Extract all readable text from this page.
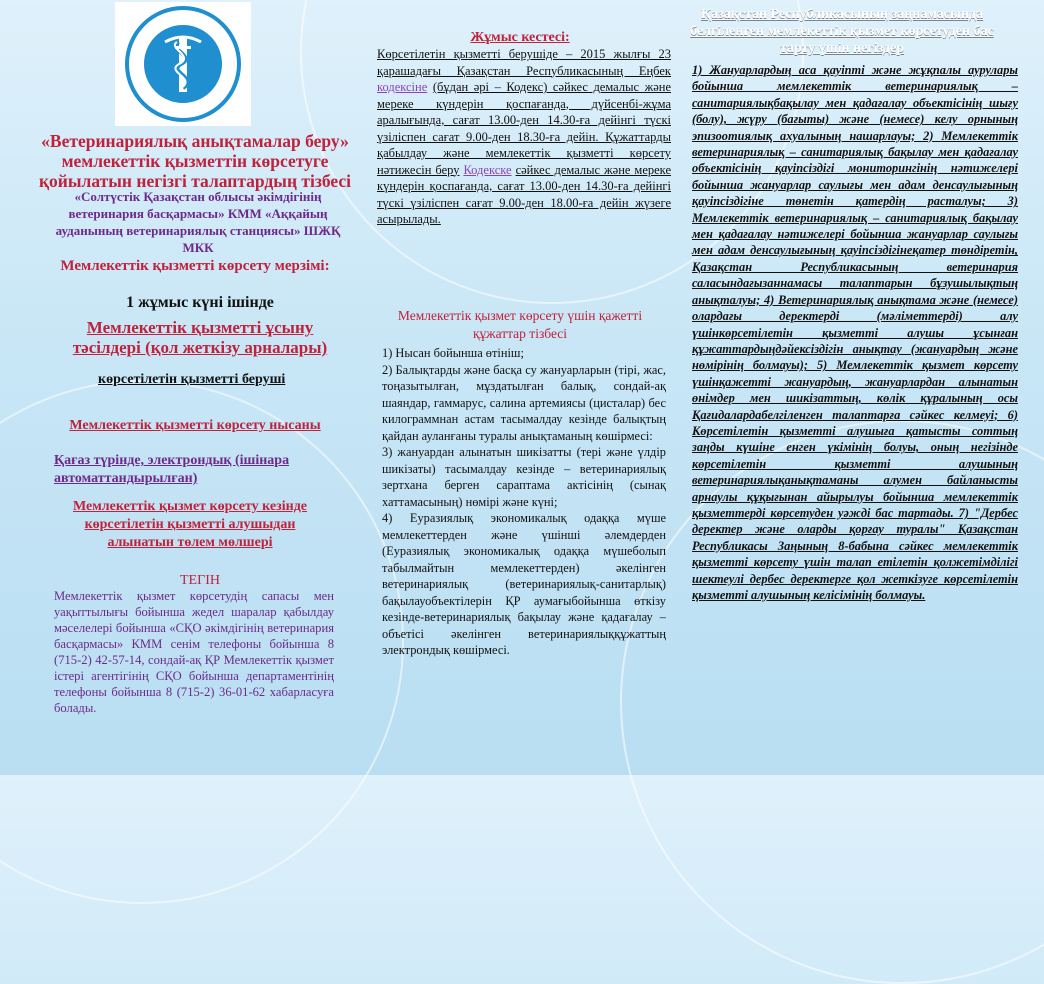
«Ветеринариялық анықтамалар беру» мемлекеттік қызметтін көрсетуге қойылатын негізгі талаптардың тізбесі
«Солтүстік Қазақстан облысы әкімдігінің ветеринария басқармасы» КММ «Аққайың ауданының ветеринариялық станциясы» ШЖҚ МКК
Мемлекеттік қызметті көрсету мерзімі:
1 жұмыс күні ішінде
Мемлекеттік қызметті ұсыну тәсілдері (қол жеткізу арналары)
көрсетілетін қызметті беруші
Мемлекеттік қызметті көрсету нысаны
Қағаз түрінде, электрондық (ішінара автоматтандырылған)
Мемлекеттік қызмет көрсету кезінде көрсетілетін қызметті алушыдан алынатын төлем мөлшері
ТЕГІН
Мемлекеттік қызмет көрсетудің сапасы мен уақыттылығы бойынша жедел шаралар қабылдау мәселелері бойынша «СҚО әкімдігінің ветеринария басқармасы» КММ сенім телефоны бойынша 8 (715-2) 42-57-14, сондай-ақ ҚР Мемлекеттік қызмет істері агентігінің СҚО бойынша департаментінің телефоны бойынша 8 (715-2) 36-01-62 хабарласуға болады.
Жұмыс кестесі:
Көрсетілетін қызметті берушіде – 2015 жылғы 23 қарашадағы Қазақстан Республикасының Еңбек кодексіне (бұдан әрі – Кодекс) сәйкес демалыс және мереке күндерін қоспағанда, дүйсенбі-жұма аралығында, сағат 13.00-ден 14.30-ға дейінгі түскі үзіліспен сағат 9.00-ден 18.30-ға дейін. Құжаттарды қабылдау және мемлекеттік қызметті көрсету нәтижесін беру Кодекске сәйкес демалыс және мереке күндерін қоспағанда, сағат 13.00-ден 14.30-ға дейінгі түскі үзіліспен сағат 9.00-ден 18.00-ға дейін жүзеге асырылады.
Мемлекеттік қызмет көрсету үшін қажетті құжаттар тізбесі
1) Нысан бойынша өтініш;
2) Балықтарды және басқа су жануарларын (тірі, жас, тоңазытылған, мұздатылған балық, сондай-ақ шаяндар, гаммарус, салина артемиясы (цисталар) бес килограммнан астам тасымалдау кезінде балықтың қайдан ауланғаны туралы анықтаманың көшірмесі:
3) жануардан алынатын шикізатты (тері және үлдір шикізаты) тасымалдау кезінде – ветеринариялық зертхана берген сараптама актісінің (сынақ хаттамасының) нөмірі және күні;
4) Еуразиялық экономикалық одаққа мүше мемлекеттерден және үшінші әлемдерден (Еуразиялық экономикалық одаққа мүшеболып табылмайтын мемлекеттерден) әкелінген ветеринариялық (ветеринариялық-санитарлық) бақылауобъектілерін ҚР аумағыбойынша өткізу кезінде-ветеринариялық бақылау және қадағалау – объетісі әкелінген ветеринариялыққұжаттың электрондық көшірмесі.
Қазақстан Республикасының заңнамасында белгіленген мемлекеттік қызмет көрсетуден бас тарту үшін негіздер
1) Жануарлардың аса қауіпті және жұқпалы аурулары бойынша мемлекеттік ветеринариялық –санитариялықбақылау мен қадағалау объектісінің шығу (болу), жүру (бағыты) және (немесе) келу орнының эпизоотиялық ахуалының нашарлауы; 2) Мемлекеттік ветеринариялық – санитариялық бақылау мен қадағалау объектісінің қауіпсіздігі мониторингінің нәтижелері бойынша жануарлар саулығы мен адам денсаулығының қауіпсіздігіне төнетін қатердің расталуы; 3) Мемлекеттік ветеринариялық – санитариялық бақылау мен қадағалау нәтижелері бойынша жануарлар саулығы мен адам денсаулығының қауіпсіздігінеқатер төндіретін, Қазақстан Республикасының ветеринария саласындағызаннамасы талаптарын бұзушылықтың анықталуы; 4) Ветеринариялық анықтама және (немесе) олардағы деректерді (мәліметтерді) алу үшінкөрсетілетін қызметті алушы ұсынған құжаттардыңдәйексіздігін анықтау (жануардың және нөмірінің болмауы); 5) Мемлекеттік қызмет көрсету үшінқажетті жануардың, жануарлардан алынатын өнімдер мен шикізаттың, көлік құралының осы Қағидалардабелгіленген талаптарға сәйкес келмеуі; 6) Көрсетілетін қызметті алушыға қатысты соттың заңды күшіне енген үкімінің болуы, оның негізінде көрсетілетін қызметті алушының ветеринариялықанықтаманы алумен байланысты арнаулы құқығынан айырылуы бойынша мемлекеттік қызметтерді көрсетуден уәжді бас тартады. 7) "Дербес деректер және оларды қорғау туралы" Қазақстан Республикасы Заңының 8-бабына сәйкес мемлекеттік қызметті көрсету үшін талап етілетін қолжетімділігі шектеулі дербес деректерге қол жеткізуге көрсетілетін қызметті алушының келісімінің болмауы.
